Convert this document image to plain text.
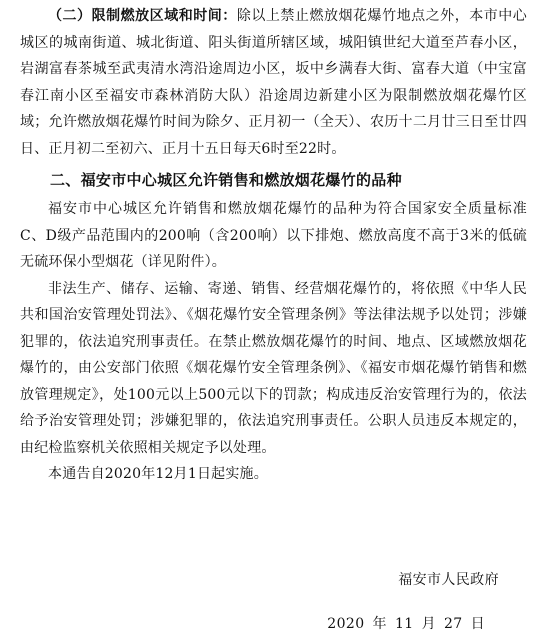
（二）限制燃放区域和时间：除以上禁止燃放烟花爆竹地点之外，本市中心城区的城南街道、城北街道、阳头街道所辖区域，城阳镇世纪大道至芦春小区，岩湖富春茶城至武夷清水湾沿途周边小区，坂中乡满春大街、富春大道（中宝富春江南小区至福安市森林消防大队）沿途周边新建小区为限制燃放烟花爆竹区域；允许燃放烟花爆竹时间为除夕、正月初一（全天）、农历十二月廿三日至廿四日、正月初二至初六、正月十五日每天6时至22时。

二、福安市中心城区允许销售和燃放烟花爆竹的品种

福安市中心城区允许销售和燃放烟花爆竹的品种为符合国家安全质量标准C、D级产品范围内的200响（含200响）以下排炮、燃放高度不高于3米的低硫无硫环保小型烟花（详见附件）。

非法生产、储存、运输、寄递、销售、经营烟花爆竹的，将依照《中华人民共和国治安管理处罚法》、《烟花爆竹安全管理条例》等法律法规予以处罚；涉嫌犯罪的，依法追究刑事责任。在禁止燃放烟花爆竹的时间、地点、区域燃放烟花爆竹的，由公安部门依照《烟花爆竹安全管理条例》、《福安市烟花爆竹销售和燃放管理规定》，处100元以上500元以下的罚款；构成违反治安管理行为的，依法给予治安管理处罚；涉嫌犯罪的，依法追究刑事责任。公职人员违反本规定的，由纪检监察机关依照相关规定予以处理。

本通告自2020年12月1日起实施。

福安市人民政府
2020 年 11 月 27 日
